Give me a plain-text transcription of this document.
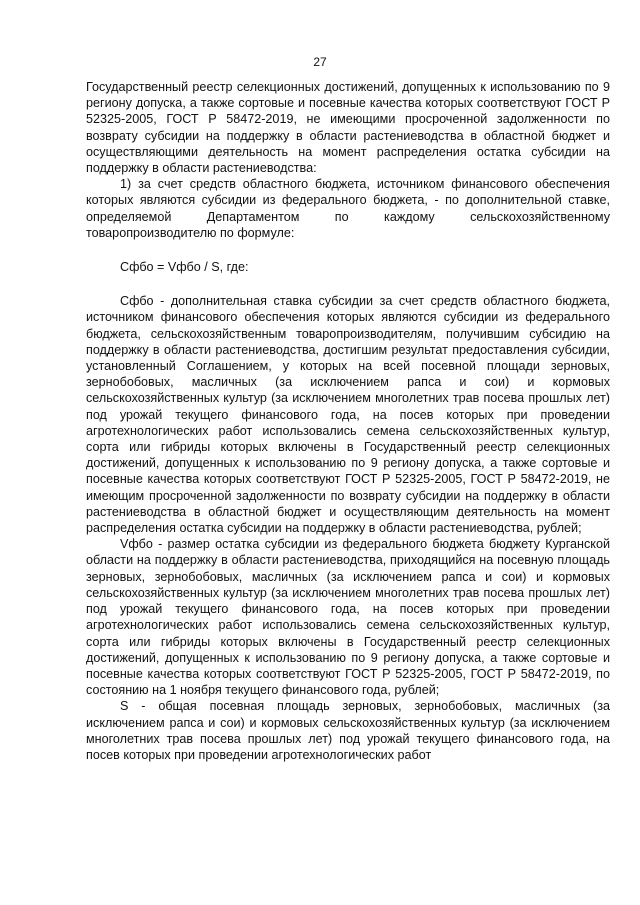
27

Государственный реестр селекционных достижений, допущенных к использованию по 9 региону допуска, а также сортовые и посевные качества которых соответствуют ГОСТ Р 52325-2005, ГОСТ Р 58472-2019, не имеющими просроченной задолженности по возврату субсидии на поддержку в области растениеводства в областной бюджет и осуществляющими деятельность на момент распределения остатка субсидии на поддержку в области растениеводства:

1) за счет средств областного бюджета, источником финансового обеспечения которых являются субсидии из федерального бюджета, - по дополнительной ставке, определяемой Департаментом по каждому сельскохозяйственному товаропроизводителю по формуле:

Сфбо = Vфбо / S, где:

Сфбо - дополнительная ставка субсидии за счет средств областного бюджета, источником финансового обеспечения которых являются субсидии из федерального бюджета, сельскохозяйственным товаропроизводителям, получившим субсидию на поддержку в области растениеводства, достигшим результат предоставления субсидии, установленный Соглашением, у которых на всей посевной площади зерновых, зернобобовых, масличных (за исключением рапса и сои) и кормовых сельскохозяйственных культур (за исключением многолетних трав посева прошлых лет) под урожай текущего финансового года, на посев которых при проведении агротехнологических работ использовались семена сельскохозяйственных культур, сорта или гибриды которых включены в Государственный реестр селекционных достижений, допущенных к использованию по 9 региону допуска, а также сортовые и посевные качества которых соответствуют ГОСТ Р 52325-2005, ГОСТ Р 58472-2019, не имеющим просроченной задолженности по возврату субсидии на поддержку в области растениеводства в областной бюджет и осуществляющим деятельность на момент распределения остатка субсидии на поддержку в области растениеводства, рублей;

Vфбо - размер остатка субсидии из федерального бюджета бюджету Курганской области на поддержку в области растениеводства, приходящийся на посевную площадь зерновых, зернобобовых, масличных (за исключением рапса и сои) и кормовых сельскохозяйственных культур (за исключением многолетних трав посева прошлых лет) под урожай текущего финансового года, на посев которых при проведении агротехнологических работ использовались семена сельскохозяйственных культур, сорта или гибриды которых включены в Государственный реестр селекционных достижений, допущенных к использованию по 9 региону допуска, а также сортовые и посевные качества которых соответствуют ГОСТ Р 52325-2005, ГОСТ Р 58472-2019, по состоянию на 1 ноября текущего финансового года, рублей;

S - общая посевная площадь зерновых, зернобобовых, масличных (за исключением рапса и сои) и кормовых сельскохозяйственных культур (за исключением многолетних трав посева прошлых лет) под урожай текущего финансового года, на посев которых при проведении агротехнологических работ
